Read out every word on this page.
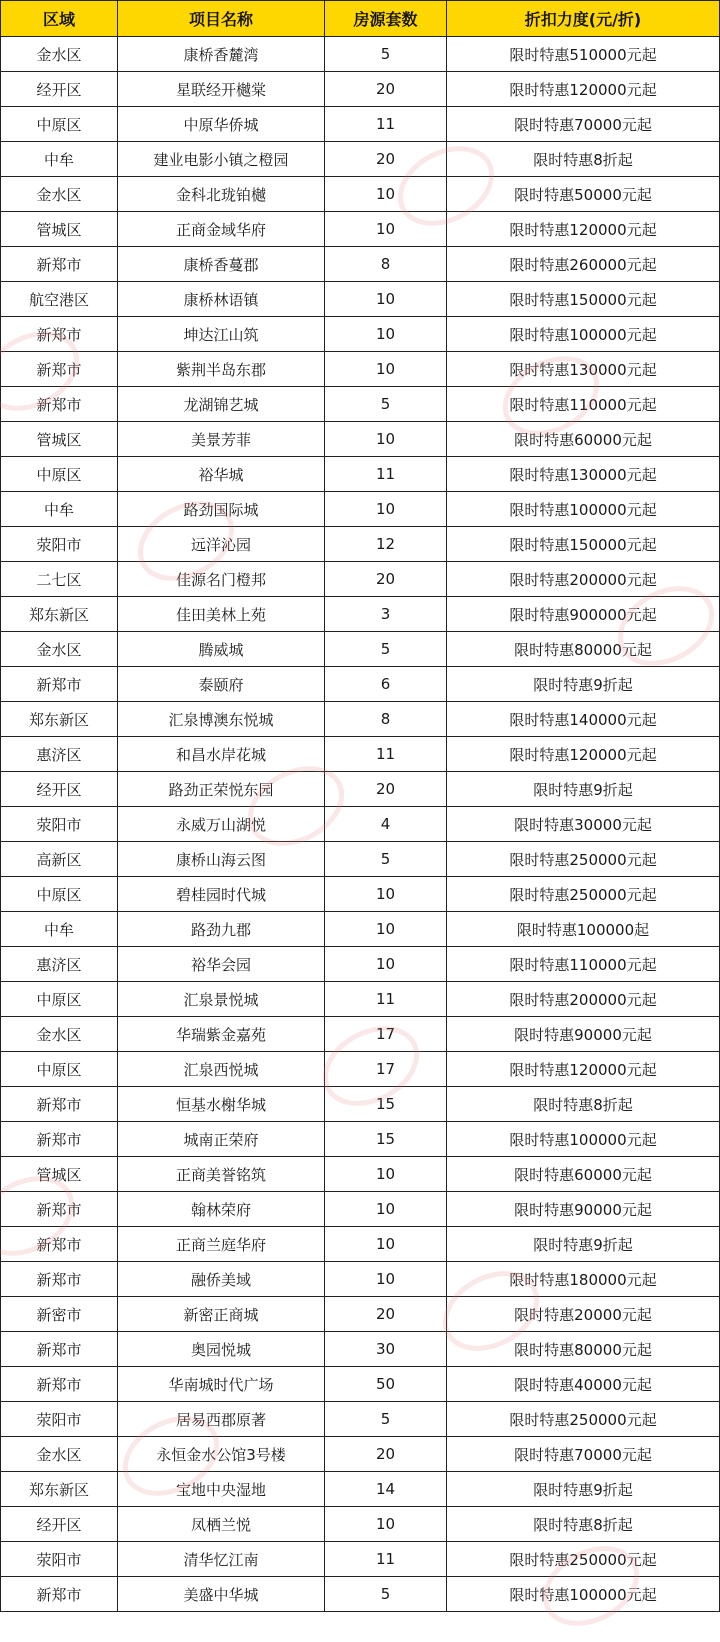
区域	项目名称	房源套数	折扣力度(元/折)
金水区	康桥香麓湾	5	限时特惠510000元起
经开区	星联经开樾棠	20	限时特惠120000元起
中原区	中原华侨城	11	限时特惠70000元起
中牟	建业电影小镇之橙园	20	限时特惠8折起
金水区	金科北珑铂樾	10	限时特惠50000元起
管城区	正商金域华府	10	限时特惠120000元起
新郑市	康桥香蔓郡	8	限时特惠260000元起
航空港区	康桥林语镇	10	限时特惠150000元起
新郑市	坤达江山筑	10	限时特惠100000元起
新郑市	紫荆半岛东郡	10	限时特惠130000元起
新郑市	龙湖锦艺城	5	限时特惠110000元起
管城区	美景芳菲	10	限时特惠60000元起
中原区	裕华城	11	限时特惠130000元起
中牟	路劲国际城	10	限时特惠100000元起
荥阳市	远洋沁园	12	限时特惠150000元起
二七区	佳源名门橙邦	20	限时特惠200000元起
郑东新区	佳田美林上苑	3	限时特惠900000元起
金水区	腾威城	5	限时特惠80000元起
新郑市	泰颐府	6	限时特惠9折起
郑东新区	汇泉博澳东悦城	8	限时特惠140000元起
惠济区	和昌水岸花城	11	限时特惠120000元起
经开区	路劲正荣悦东园	20	限时特惠9折起
荥阳市	永威万山湖悦	4	限时特惠30000元起
高新区	康桥山海云图	5	限时特惠250000元起
中原区	碧桂园时代城	10	限时特惠250000元起
中牟	路劲九郡	10	限时特惠100000起
惠济区	裕华会园	10	限时特惠110000元起
中原区	汇泉景悦城	11	限时特惠200000元起
金水区	华瑞紫金嘉苑	17	限时特惠90000元起
中原区	汇泉西悦城	17	限时特惠120000元起
新郑市	恒基水榭华城	15	限时特惠8折起
新郑市	城南正荣府	15	限时特惠100000元起
管城区	正商美誉铭筑	10	限时特惠60000元起
新郑市	翰林荣府	10	限时特惠90000元起
新郑市	正商兰庭华府	10	限时特惠9折起
新郑市	融侨美域	10	限时特惠180000元起
新密市	新密正商城	20	限时特惠20000元起
新郑市	奥园悦城	30	限时特惠80000元起
新郑市	华南城时代广场	50	限时特惠40000元起
荥阳市	居易西郡原著	5	限时特惠250000元起
金水区	永恒金水公馆3号楼	20	限时特惠70000元起
郑东新区	宝地中央湿地	14	限时特惠9折起
经开区	凤栖兰悦	10	限时特惠8折起
荥阳市	清华忆江南	11	限时特惠250000元起
新郑市	美盛中华城	5	限时特惠100000元起
